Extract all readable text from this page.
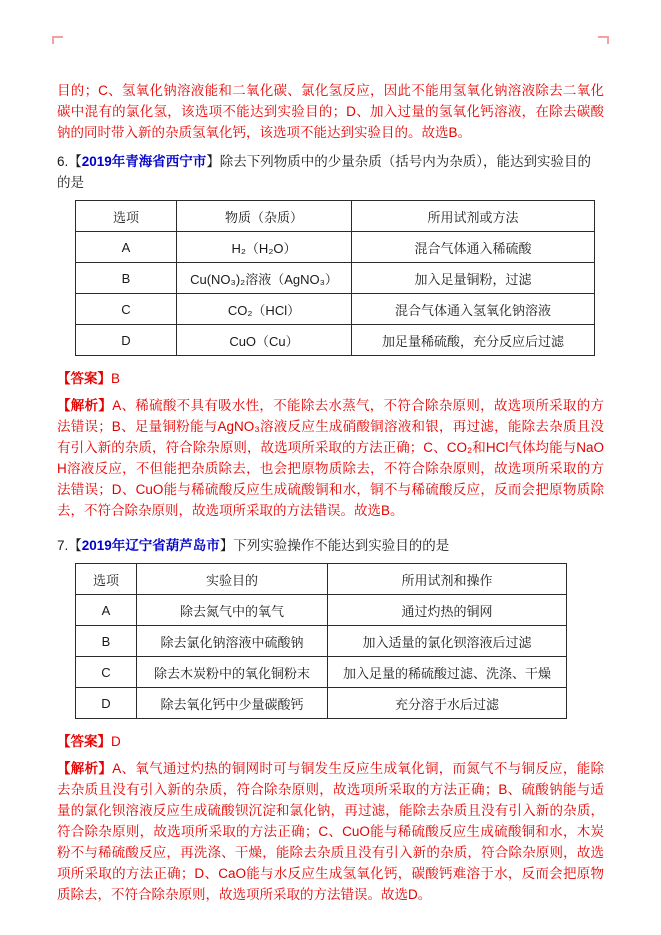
目的；C、氢氧化钠溶液能和二氧化碳、氯化氢反应，因此不能用氢氧化钠溶液除去二氧化碳中混有的氯化氢，该选项不能达到实验目的；D、加入过量的氢氧化钙溶液，在除去碳酸钠的同时带入新的杂质氢氧化钙，该选项不能达到实验目的。故选B。

6.【2019年青海省西宁市】除去下列物质中的少量杂质（括号内为杂质），能达到实验目的的是

选项	物质（杂质）	所用试剂或方法
A	H₂（H₂O）	混合气体通入稀硫酸
B	Cu(NO₃)₂溶液（AgNO₃）	加入足量铜粉，过滤
C	CO₂（HCl）	混合气体通入氢氧化钠溶液
D	CuO（Cu）	加足量稀硫酸，充分反应后过滤

【答案】B

【解析】A、稀硫酸不具有吸水性，不能除去水蒸气，不符合除杂原则，故选项所采取的方法错误；B、足量铜粉能与AgNO₃溶液反应生成硝酸铜溶液和银，再过滤，能除去杂质且没有引入新的杂质，符合除杂原则，故选项所采取的方法正确；C、CO₂和HCl气体均能与NaOH溶液反应，不但能把杂质除去，也会把原物质除去，不符合除杂原则，故选项所采取的方法错误；D、CuO能与稀硫酸反应生成硫酸铜和水，铜不与稀硫酸反应，反而会把原物质除去，不符合除杂原则，故选项所采取的方法错误。故选B。

7.【2019年辽宁省葫芦岛市】下列实验操作不能达到实验目的的是

选项	实验目的	所用试剂和操作
A	除去氮气中的氧气	通过灼热的铜网
B	除去氯化钠溶液中硫酸钠	加入适量的氯化钡溶液后过滤
C	除去木炭粉中的氧化铜粉末	加入足量的稀硫酸过滤、洗涤、干燥
D	除去氧化钙中少量碳酸钙	充分溶于水后过滤

【答案】D

【解析】A、氧气通过灼热的铜网时可与铜发生反应生成氧化铜，而氮气不与铜反应，能除去杂质且没有引入新的杂质，符合除杂原则，故选项所采取的方法正确；B、硫酸钠能与适量的氯化钡溶液反应生成硫酸钡沉淀和氯化钠，再过滤，能除去杂质且没有引入新的杂质，符合除杂原则，故选项所采取的方法正确；C、CuO能与稀硫酸反应生成硫酸铜和水，木炭粉不与稀硫酸反应，再洗涤、干燥，能除去杂质且没有引入新的杂质，符合除杂原则，故选项所采取的方法正确；D、CaO能与水反应生成氢氧化钙，碳酸钙难溶于水，反而会把原物质除去，不符合除杂原则，故选项所采取的方法错误。故选D。
